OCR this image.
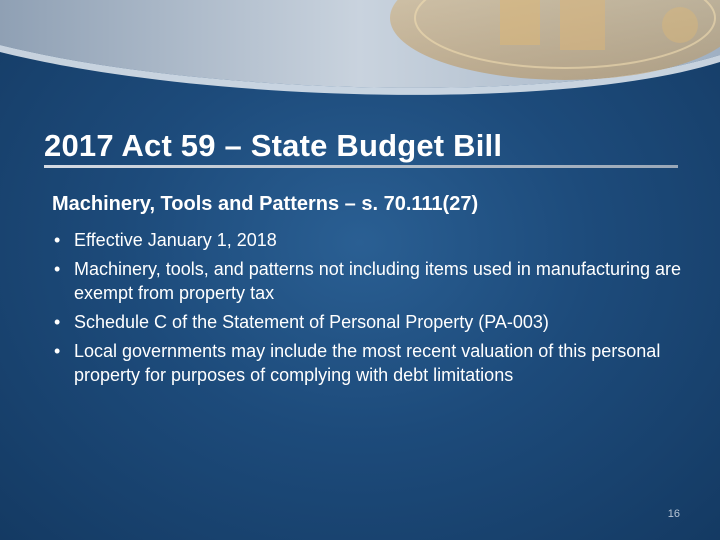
2017 Act 59 – State Budget Bill
Machinery, Tools and Patterns – s. 70.111(27)
• Effective January 1, 2018
• Machinery, tools, and patterns not including items used in manufacturing are exempt from property tax
• Schedule C of the Statement of Personal Property (PA-003)
• Local governments may include the most recent valuation of this personal property for purposes of complying with debt limitations
16
